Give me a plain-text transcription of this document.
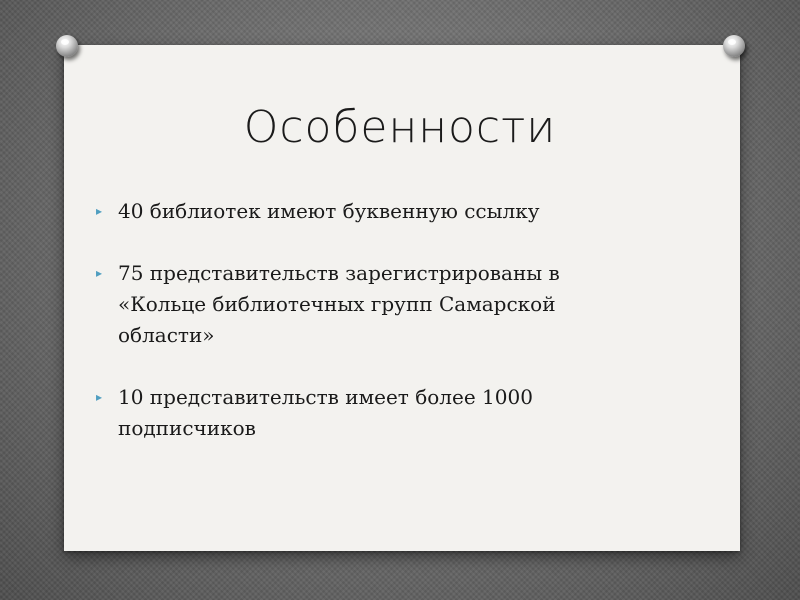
Особенности
▸ 40 библиотек имеют буквенную ссылку
▸ 75 представительств зарегистрированы в «Кольце библиотечных групп Самарской области»
▸ 10 представительств имеет более 1000 подписчиков
